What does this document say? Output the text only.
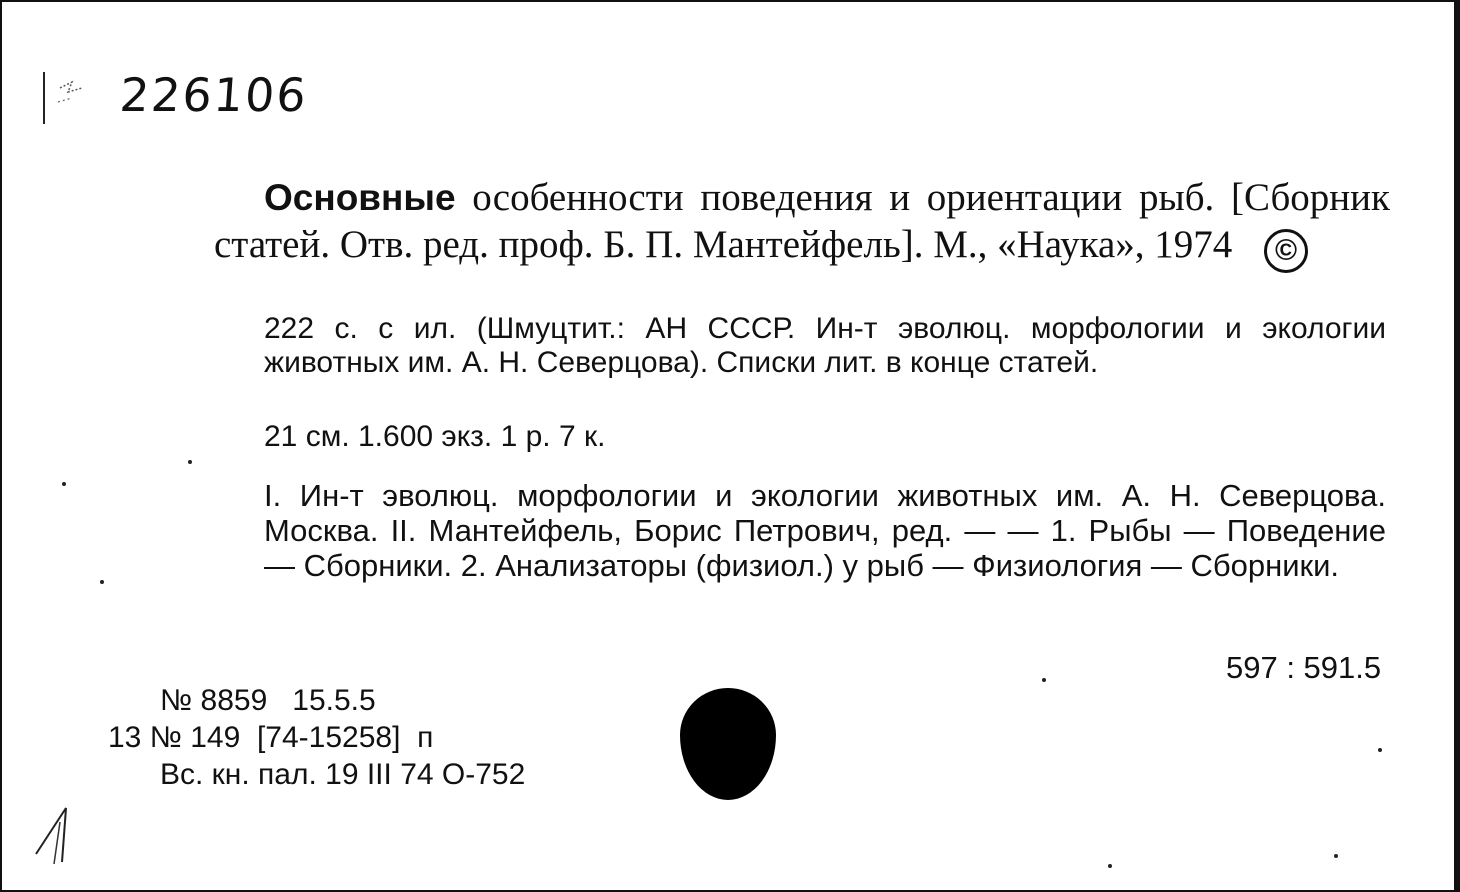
226106
Основные особенности поведения и ориентации рыб. [Сборник статей. Отв. ред. проф. Б. П. Мантейфель]. М., «Наука», 1974 ©
222 с. с ил. (Шмуцтит.: АН СССР. Ин-т эволюц. морфологии и экологии животных им. А. Н. Северцова). Списки лит. в конце статей.
21 см. 1.600 экз. 1 р. 7 к.
I. Ин-т эволюц. морфологии и экологии животных им. А. Н. Северцова. Москва. II. Мантейфель, Борис Петрович, ред. — — 1. Рыбы — Поведение — Сборники. 2. Анализаторы (физиол.) у рыб — Физиология — Сборники.
597 : 591.5
№ 8859   15.5.5
13 № 149  [74-15258]  п
Вс. кн. пал. 19 III 74 О-752
